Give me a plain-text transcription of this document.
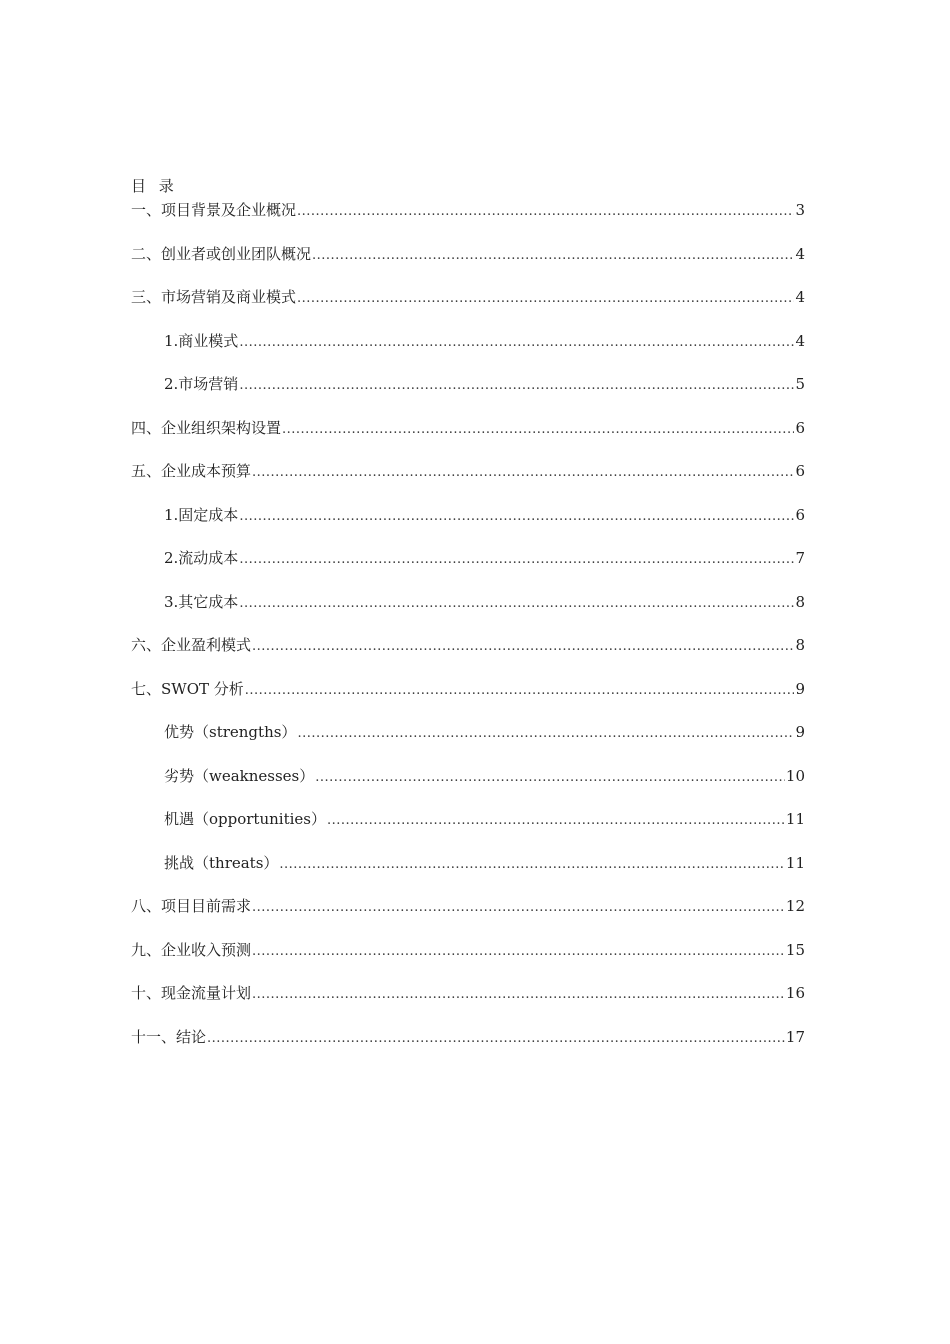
目 录
一、项目背景及企业概况 .....	3
二、创业者或创业团队概况 .....	4
三、市场营销及商业模式 .....	4
1.商业模式 .....	4
2.市场营销 .....	5
四、企业组织架构设置 .....	6
五、企业成本预算 .....	6
1.固定成本 .....	6
2.流动成本 .....	7
3.其它成本 .....	8
六、企业盈利模式 .....	8
七、SWOT 分析 .....	9
优势（strengths） .....	9
劣势（weaknesses） .....	10
机遇（opportunities） .....	11
挑战（threats） .....	11
八、项目目前需求 .....	12
九、企业收入预测 .....	15
十、现金流量计划 .....	16
十一、结论 .....	17
